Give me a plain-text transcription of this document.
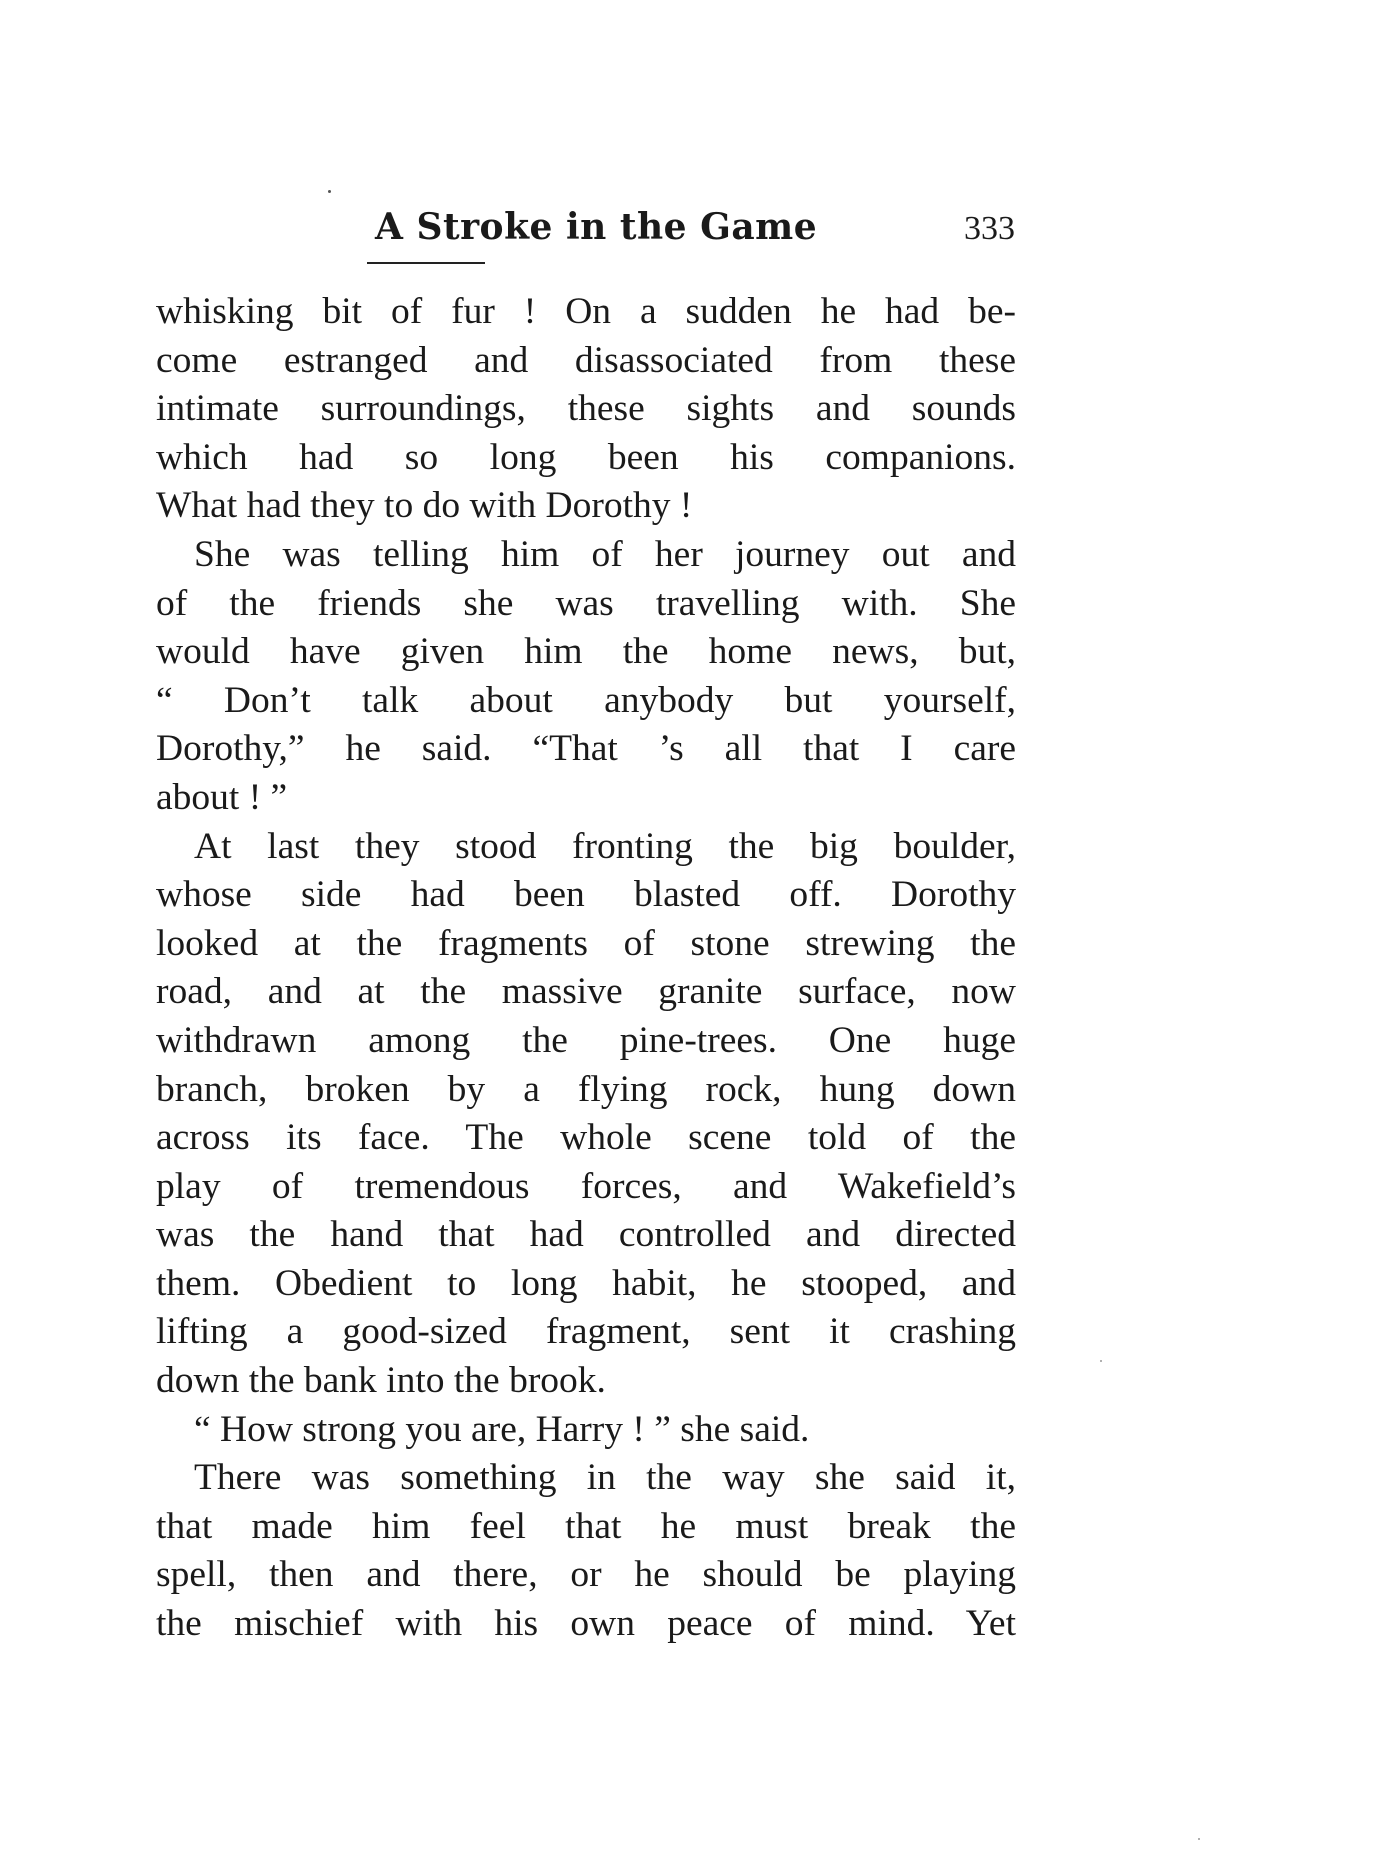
A Stroke in the Game	333
whisking bit of fur ! On a sudden he had be-
come estranged and disassociated from these
intimate surroundings, these sights and sounds
which had so long been his companions.
What had they to do with Dorothy !
She was telling him of her journey out and
of the friends she was travelling with. She
would have given him the home news, but,
“ Don’t talk about anybody but yourself,
Dorothy,” he said. “That ’s all that I care
about ! ”
At last they stood fronting the big boulder,
whose side had been blasted off. Dorothy
looked at the fragments of stone strewing the
road, and at the massive granite surface, now
withdrawn among the pine-trees. One huge
branch, broken by a flying rock, hung down
across its face. The whole scene told of the
play of tremendous forces, and Wakefield’s
was the hand that had controlled and directed
them. Obedient to long habit, he stooped, and
lifting a good-sized fragment, sent it crashing
down the bank into the brook.
“ How strong you are, Harry ! ” she said.
There was something in the way she said it,
that made him feel that he must break the
spell, then and there, or he should be playing
the mischief with his own peace of mind. Yet
